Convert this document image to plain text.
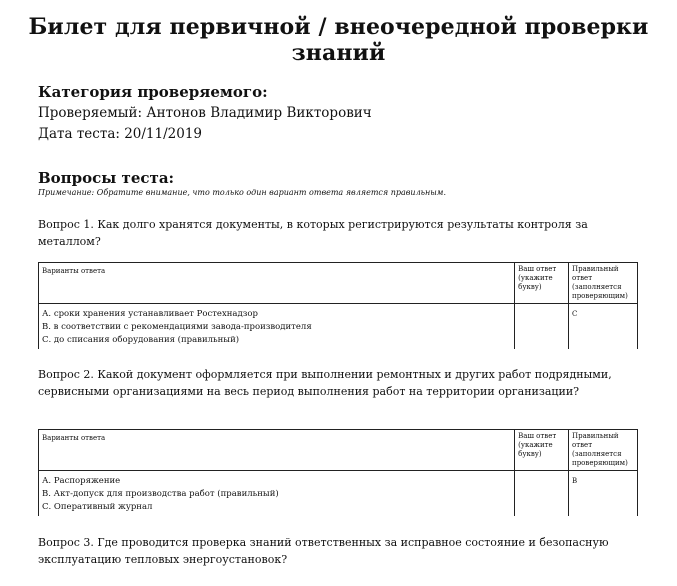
Билет для первичной / внеочередной проверки знаний
Категория проверяемого:
Проверяемый: Антонов Владимир Викторович
Дата теста: 20/11/2019
Вопросы теста:
Примечание: Обратите внимание, что только один вариант ответа является правильным.
Вопрос 1. Как долго хранятся документы, в которых регистрируются результаты контроля за металлом?
Варианты ответа	Ваш ответ (укажите букву)	Правильный ответ (заполняется проверяющим)

А. сроки хранения устанавливает Ростехнадзор
В. в соответствии с рекомендациями завода-производителя
С. до списания оборудования (правильный)		С
Вопрос 2. Какой документ оформляется при выполнении ремонтных и других работ подрядными, сервисными организациями на весь период выполнения работ на территории организации?
Варианты ответа	Ваш ответ (укажите букву)	Правильный ответ (заполняется проверяющим)

А. Распоряжение
В. Акт-допуск для производства работ (правильный)
С. Оперативный журнал		В
Вопрос 3. Где проводится проверка знаний ответственных за исправное состояние и безопасную эксплуатацию тепловых энергоустановок?
